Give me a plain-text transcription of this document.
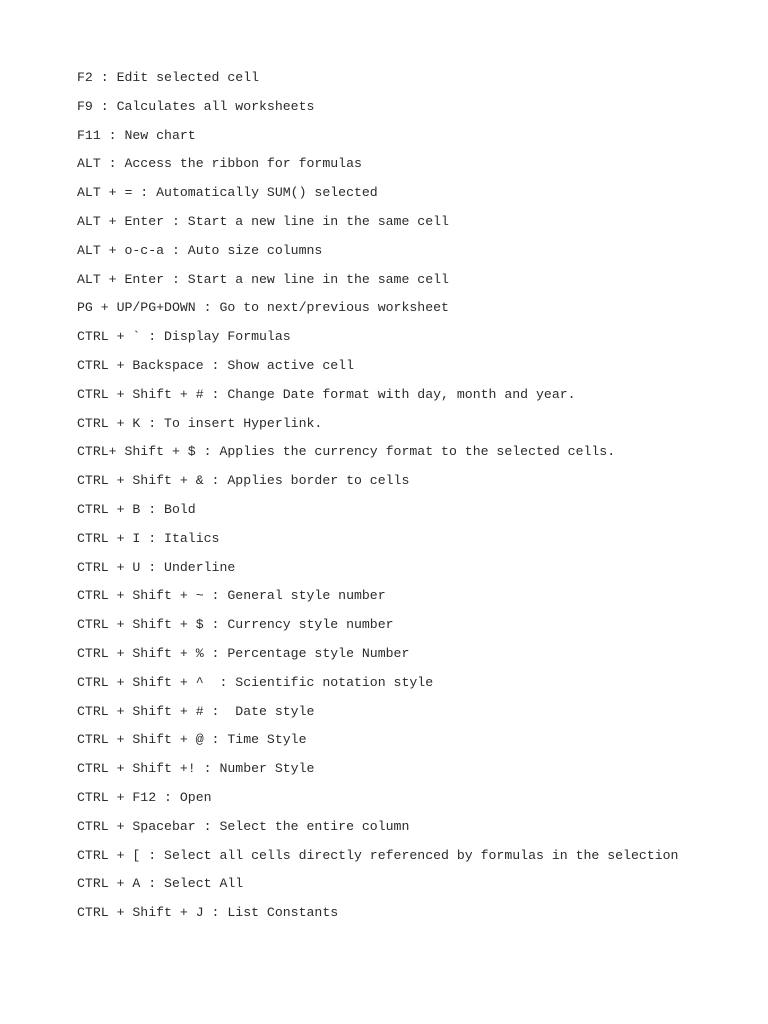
F2 : Edit selected cell
F9 : Calculates all worksheets
F11 : New chart
ALT : Access the ribbon for formulas
ALT + = : Automatically SUM() selected
ALT + Enter : Start a new line in the same cell
ALT + o-c-a : Auto size columns
ALT + Enter : Start a new line in the same cell
PG + UP/PG+DOWN : Go to next/previous worksheet
CTRL + ` : Display Formulas
CTRL + Backspace : Show active cell
CTRL + Shift + # : Change Date format with day, month and year.
CTRL + K : To insert Hyperlink.
CTRL+ Shift + $ : Applies the currency format to the selected cells.
CTRL + Shift + & : Applies border to cells
CTRL + B : Bold
CTRL + I : Italics
CTRL + U : Underline
CTRL + Shift + ~ : General style number
CTRL + Shift + $ : Currency style number
CTRL + Shift + % : Percentage style Number
CTRL + Shift + ^  : Scientific notation style
CTRL + Shift + # :  Date style
CTRL + Shift + @ : Time Style
CTRL + Shift +! : Number Style
CTRL + F12 : Open
CTRL + Spacebar : Select the entire column
CTRL + [ : Select all cells directly referenced by formulas in the selection
CTRL + A : Select All
CTRL + Shift + J : List Constants
